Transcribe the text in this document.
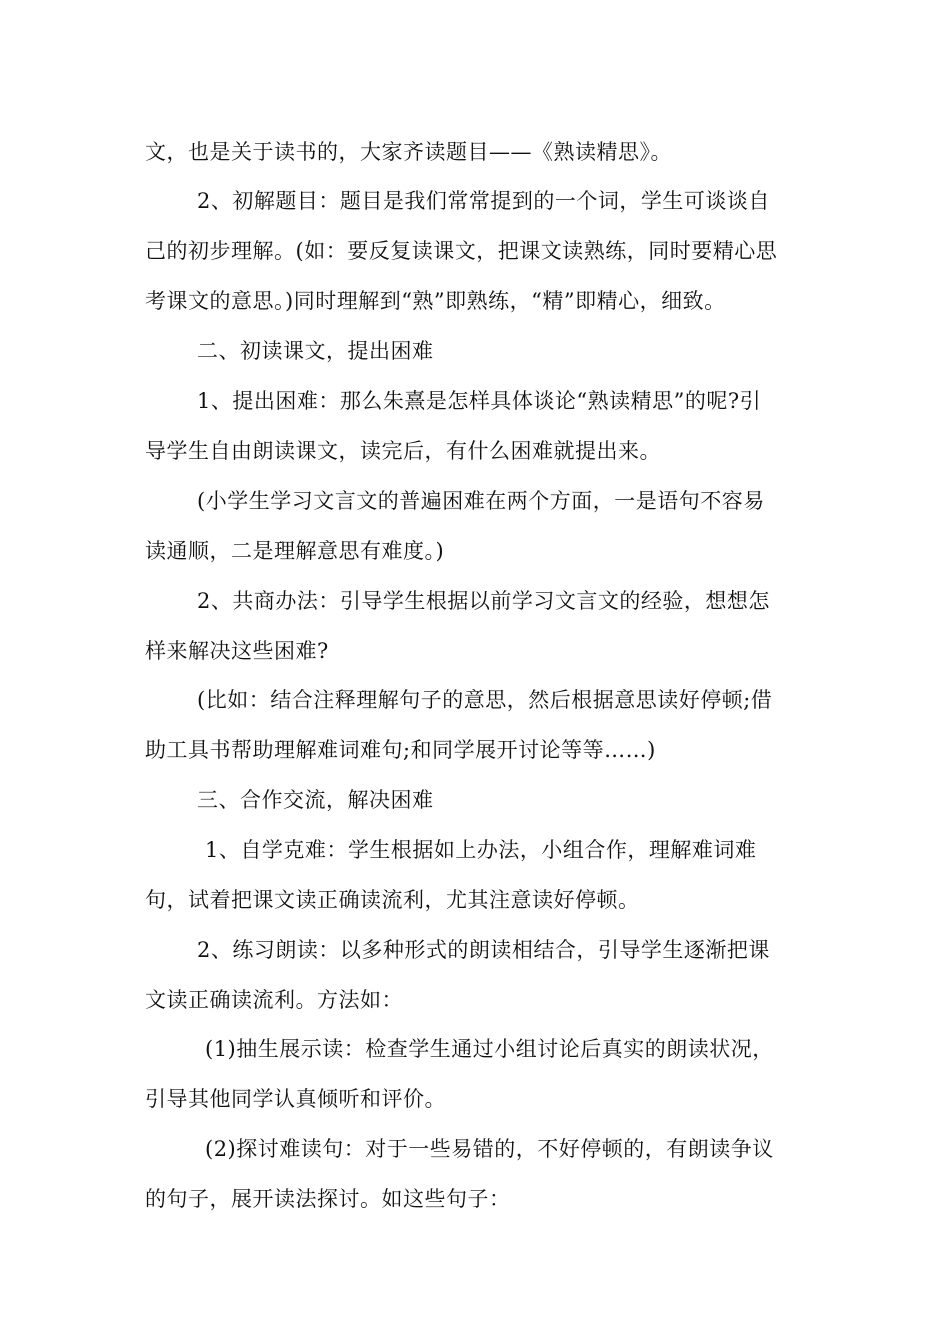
文，也是关于读书的，大家齐读题目——《熟读精思》。
2、初解题目：题目是我们常常提到的一个词，学生可谈谈自
己的初步理解。(如：要反复读课文，把课文读熟练，同时要精心思
考课文的意思。)同时理解到“熟”即熟练，“精”即精心，细致。
二、初读课文，提出困难
1、提出困难：那么朱熹是怎样具体谈论“熟读精思”的呢?引
导学生自由朗读课文，读完后，有什么困难就提出来。
(小学生学习文言文的普遍困难在两个方面，一是语句不容易
读通顺，二是理解意思有难度。)
2、共商办法：引导学生根据以前学习文言文的经验，想想怎
样来解决这些困难?
(比如：结合注释理解句子的意思，然后根据意思读好停顿;借
助工具书帮助理解难词难句;和同学展开讨论等等……)
三、合作交流，解决困难
1、自学克难：学生根据如上办法，小组合作，理解难词难
句，试着把课文读正确读流利，尤其注意读好停顿。
2、练习朗读：以多种形式的朗读相结合，引导学生逐渐把课
文读正确读流利。方法如：
(1)抽生展示读：检查学生通过小组讨论后真实的朗读状况，
引导其他同学认真倾听和评价。
(2)探讨难读句：对于一些易错的，不好停顿的，有朗读争议
的句子，展开读法探讨。如这些句子：
